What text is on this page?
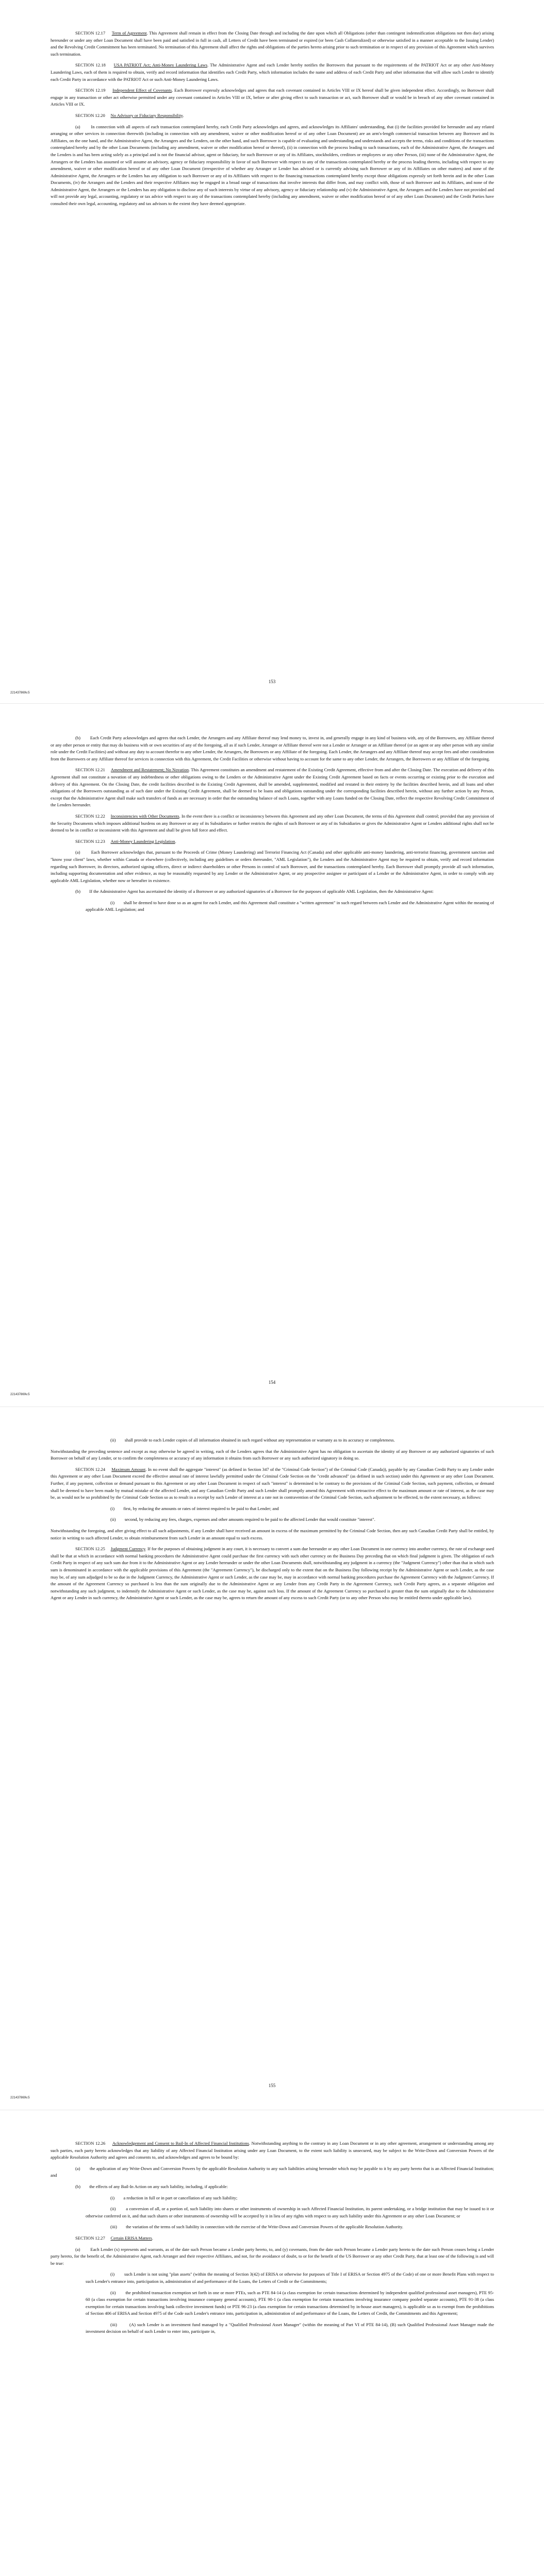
SECTION 12.17 Term of Agreement. This Agreement shall remain in effect from the Closing Date through and including the date upon which all Obligations (other than contingent indemnification obligations not then due) arising hereunder or under any other Loan Document shall have been paid and satisfied in full in cash, all Letters of Credit have been terminated or expired (or been Cash Collateralized) or otherwise satisfied in a manner acceptable to the Issuing Lender) and the Revolving Credit Commitment has been terminated. No termination of this Agreement shall affect the rights and obligations of the parties hereto arising prior to such termination or in respect of any provision of this Agreement which survives such termination.

SECTION 12.18 USA PATRIOT Act; Anti-Money Laundering Laws. The Administrative Agent and each Lender hereby notifies the Borrowers that pursuant to the requirements of the PATRIOT Act or any other Anti-Money Laundering Laws, each of them is required to obtain, verify and record information that identifies each Credit Party, which information includes the name and address of each Credit Party and other information that will allow such Lender to identify each Credit Party in accordance with the PATRIOT Act or such Anti-Money Laundering Laws.

SECTION 12.19 Independent Effect of Covenants. Each Borrower expressly acknowledges and agrees that each covenant contained in Articles VIII or IX hereof shall be given independent effect. Accordingly, no Borrower shall engage in any transaction or other act otherwise permitted under any covenant contained in Articles VIII or IX, before or after giving effect to such transaction or act, such Borrower shall or would be in breach of any other covenant contained in Articles VIII or IX.

SECTION 12.20 No Advisory or Fiduciary Responsibility.

(a) In connection with all aspects of each transaction contemplated hereby, each Credit Party acknowledges and agrees, and acknowledges its Affiliates' understanding, that (i) the facilities provided for hereunder and any related arranging or other services in connection therewith (including in connection with any amendment, waiver or other modification hereof or of any other Loan Document) are an arm's-length commercial transaction between any Borrower and its Affiliates, on the one hand, and the Administrative Agent, the Arrangers and the Lenders, on the other hand, and such Borrower is capable of evaluating and understanding and understands and accepts the terms, risks and conditions of the transactions contemplated hereby and by the other Loan Documents (including any amendment, waiver or other modification hereof or thereof), (ii) in connection with the process leading to such transactions, each of the Administrative Agent, the Arrangers and the Lenders is and has been acting solely as a principal and is not the financial advisor, agent or fiduciary, for such Borrower or any of its Affiliates, stockholders, creditors or employees or any other Person, (iii) none of the Administrative Agent, the Arrangers or the Lenders has assumed or will assume an advisory, agency or fiduciary responsibility in favor of such Borrower with respect to any of the transactions contemplated hereby or the process leading thereto, including with respect to any amendment, waiver or other modification hereof or of any other Loan Document (irrespective of whether any Arranger or Lender has advised or is currently advising such Borrower or any of its Affiliates on other matters) and none of the Administrative Agent, the Arrangers or the Lenders has any obligation to such Borrower or any of its Affiliates with respect to the financing transactions contemplated hereby except those obligations expressly set forth herein and in the other Loan Documents, (iv) the Arrangers and the Lenders and their respective Affiliates may be engaged in a broad range of transactions that involve interests that differ from, and may conflict with, those of such Borrower and its Affiliates, and none of the Administrative Agent, the Arrangers or the Lenders has any obligation to disclose any of such interests by virtue of any advisory, agency or fiduciary relationship and (v) the Administrative Agent, the Arrangers and the Lenders have not provided and will not provide any legal, accounting, regulatory or tax advice with respect to any of the transactions contemplated hereby (including any amendment, waiver or other modification hereof or of any other Loan Document) and the Credit Parties have consulted their own legal, accounting, regulatory and tax advisors to the extent they have deemed appropriate.

153
221437869v.5

(b) Each Credit Party acknowledges and agrees that each Lender, the Arrangers and any Affiliate thereof may lend money to, invest in, and generally engage in any kind of business with, any of the Borrowers, any Affiliate thereof or any other person or entity that may do business with or own securities of any of the foregoing, all as if such Lender, Arranger or Affiliate thereof were not a Lender or Arranger or an Affiliate thereof (or an agent or any other person with any similar role under the Credit Facilities) and without any duty to account therefor to any other Lender, the Arrangers, the Borrowers or any Affiliate of the foregoing. Each Lender, the Arrangers and any Affiliate thereof may accept fees and other consideration from the Borrowers or any Affiliate thereof for services in connection with this Agreement, the Credit Facilities or otherwise without having to account for the same to any other Lender, the Arrangers, the Borrowers or any Affiliate of the foregoing.

SECTION 12.21 Amendment and Restatement; No Novation. This Agreement constitutes an amendment and restatement of the Existing Credit Agreement, effective from and after the Closing Date. The execution and delivery of this Agreement shall not constitute a novation of any indebtedness or other obligations owing to the Lenders or the Administrative Agent under the Existing Credit Agreement based on facts or events occurring or existing prior to the execution and delivery of this Agreement. On the Closing Date, the credit facilities described in the Existing Credit Agreement, shall be amended, supplemented, modified and restated in their entirety by the facilities described herein, and all loans and other obligations of the Borrowers outstanding as of such date under the Existing Credit Agreement, shall be deemed to be loans and obligations outstanding under the corresponding facilities described herein, without any further action by any Person, except that the Administrative Agent shall make such transfers of funds as are necessary in order that the outstanding balance of such Loans, together with any Loans funded on the Closing Date, reflect the respective Revolving Credit Commitment of the Lenders hereunder.

SECTION 12.22 Inconsistencies with Other Documents. In the event there is a conflict or inconsistency between this Agreement and any other Loan Document, the terms of this Agreement shall control; provided that any provision of the Security Documents which imposes additional burdens on any Borrower or any of its Subsidiaries or further restricts the rights of such Borrower or any of its Subsidiaries or gives the Administrative Agent or Lenders additional rights shall not be deemed to be in conflict or inconsistent with this Agreement and shall be given full force and effect.

SECTION 12.23 Anti-Money Laundering Legislation.

(a) Each Borrower acknowledges that, pursuant to the Proceeds of Crime (Money Laundering) and Terrorist Financing Act (Canada) and other applicable anti-money laundering, anti-terrorist financing, government sanction and "know your client" laws, whether within Canada or elsewhere (collectively, including any guidelines or orders thereunder, "AML Legislation"), the Lenders and the Administrative Agent may be required to obtain, verify and record information regarding such Borrower, its directors, authorized signing officers, direct or indirect shareholders or other Persons in control of such Borrower, and the transactions contemplated hereby. Each Borrower shall promptly provide all such information, including supporting documentation and other evidence, as may be reasonably requested by any Lender or the Administrative Agent, or any prospective assignee or participant of a Lender or the Administrative Agent, in order to comply with any applicable AML Legislation, whether now or hereafter in existence.

(b) If the Administrative Agent has ascertained the identity of a Borrower or any authorized signatories of a Borrower for the purposes of applicable AML Legislation, then the Administrative Agent:

(i) shall be deemed to have done so as an agent for each Lender, and this Agreement shall constitute a "written agreement" in such regard between each Lender and the Administrative Agent within the meaning of applicable AML Legislation; and

154
221437869v.5

(ii) shall provide to each Lender copies of all information obtained in such regard without any representation or warranty as to its accuracy or completeness.

Notwithstanding the preceding sentence and except as may otherwise be agreed in writing, each of the Lenders agrees that the Administrative Agent has no obligation to ascertain the identity of any Borrower or any authorized signatories of such Borrower on behalf of any Lender, or to confirm the completeness or accuracy of any information it obtains from such Borrower or any such authorized signatory in doing so.

SECTION 12.24 Maximum Amount. In no event shall the aggregate "interest" (as defined in Section 347 of the "Criminal Code Section") of the Criminal Code (Canada)), payable by any Canadian Credit Party to any Lender under this Agreement or any other Loan Document exceed the effective annual rate of interest lawfully permitted under the Criminal Code Section on the "credit advanced" (as defined in such section) under this Agreement or any other Loan Document. Further, if any payment, collection or demand pursuant to this Agreement or any other Loan Document in respect of such "interest" is determined to be contrary to the provisions of the Criminal Code Section, such payment, collection, or demand shall be deemed to have been made by mutual mistake of the affected Lender, and any Canadian Credit Party and such Lender shall promptly amend this Agreement with retroactive effect to the maximum amount or rate of interest, as the case may be, as would not be so prohibited by the Criminal Code Section so as to result in a receipt by such Lender of interest at a rate not in contravention of the Criminal Code Section, such adjustment to be effected, to the extent necessary, as follows:

(i) first, by reducing the amounts or rates of interest required to be paid to that Lender; and

(ii) second, by reducing any fees, charges, expenses and other amounts required to be paid to the affected Lender that would constitute "interest".

Notwithstanding the foregoing, and after giving effect to all such adjustments, if any Lender shall have received an amount in excess of the maximum permitted by the Criminal Code Section, then any such Canadian Credit Party shall be entitled, by notice in writing to such affected Lender, to obtain reimbursement from such Lender in an amount equal to such excess.

SECTION 12.25 Judgment Currency. If for the purposes of obtaining judgment in any court, it is necessary to convert a sum due hereunder or any other Loan Document in one currency into another currency, the rate of exchange used shall be that at which in accordance with normal banking procedures the Administrative Agent could purchase the first currency with such other currency on the Business Day preceding that on which final judgment is given. The obligation of each Credit Party in respect of any such sum due from it to the Administrative Agent or any Lender hereunder or under the other Loan Documents shall, notwithstanding any judgment in a currency (the "Judgment Currency") other than that in which such sum is denominated in accordance with the applicable provisions of this Agreement (the "Agreement Currency"), be discharged only to the extent that on the Business Day following receipt by the Administrative Agent or such Lender, as the case may be, of any sum adjudged to be so due in the Judgment Currency, the Administrative Agent or such Lender, as the case may be, may in accordance with normal banking procedures purchase the Agreement Currency with the Judgment Currency. If the amount of the Agreement Currency so purchased is less than the sum originally due to the Administrative Agent or any Lender from any Credit Party in the Agreement Currency, such Credit Party agrees, as a separate obligation and notwithstanding any such judgment, to indemnify the Administrative Agent or such Lender, as the case may be, against such loss. If the amount of the Agreement Currency so purchased is greater than the sum originally due to the Administrative Agent or any Lender in such currency, the Administrative Agent or such Lender, as the case may be, agrees to return the amount of any excess to such Credit Party (or to any other Person who may be entitled thereto under applicable law).

155
221437869v.5

SECTION 12.26 Acknowledgement and Consent to Bail-In of Affected Financial Institutions. Notwithstanding anything to the contrary in any Loan Document or in any other agreement, arrangement or understanding among any such parties, each party hereto acknowledges that any liability of any Affected Financial Institution arising under any Loan Document, to the extent such liability is unsecured, may be subject to the Write-Down and Conversion Powers of the applicable Resolution Authority and agrees and consents to, and acknowledges and agrees to be bound by:

(a) the application of any Write-Down and Conversion Powers by the applicable Resolution Authority to any such liabilities arising hereunder which may be payable to it by any party hereto that is an Affected Financial Institution; and

(b) the effects of any Bail-In Action on any such liability, including, if applicable:

(i) a reduction in full or in part or cancellation of any such liability;

(ii) a conversion of all, or a portion of, such liability into shares or other instruments of ownership in such Affected Financial Institution, its parent undertaking, or a bridge institution that may be issued to it or otherwise conferred on it, and that such shares or other instruments of ownership will be accepted by it in lieu of any rights with respect to any such liability under this Agreement or any other Loan Document; or

(iii) the variation of the terms of such liability in connection with the exercise of the Write-Down and Conversion Powers of the applicable Resolution Authority.

SECTION 12.27 Certain ERISA Matters.

(a) Each Lender (x) represents and warrants, as of the date such Person became a Lender party hereto, to, and (y) covenants, from the date such Person became a Lender party hereto to the date such Person ceases being a Lender party hereto, for the benefit of, the Administrative Agent, each Arranger and their respective Affiliates, and not, for the avoidance of doubt, to or for the benefit of the US Borrower or any other Credit Party, that at least one of the following is and will be true:

(i) such Lender is not using "plan assets" (within the meaning of Section 3(42) of ERISA or otherwise for purposes of Title I of ERISA or Section 4975 of the Code) of one or more Benefit Plans with respect to such Lender's entrance into, participation in, administration of and performance of the Loans, the Letters of Credit or the Commitments;

(ii) the prohibited transaction exemption set forth in one or more PTEs, such as PTE 84-14 (a class exemption for certain transactions determined by independent qualified professional asset managers), PTE 95-60 (a class exemption for certain transactions involving insurance company general accounts), PTE 90-1 (a class exemption for certain transactions involving insurance company pooled separate accounts), PTE 91-38 (a class exemption for certain transactions involving bank collective investment funds) or PTE 96-23 (a class exemption for certain transactions determined by in-house asset managers), is applicable so as to exempt from the prohibitions of Section 406 of ERISA and Section 4975 of the Code such Lender's entrance into, participation in, administration of and performance of the Loans, the Letters of Credit, the Commitments and this Agreement;

(iii)	(A) such Lender is an investment fund managed by a "Qualified Professional Asset Manager" (within the meaning of Part VI of PTE 84-14), (B) such Qualified Professional Asset Manager made the investment decision on behalf of such Lender to enter into, participate in,
